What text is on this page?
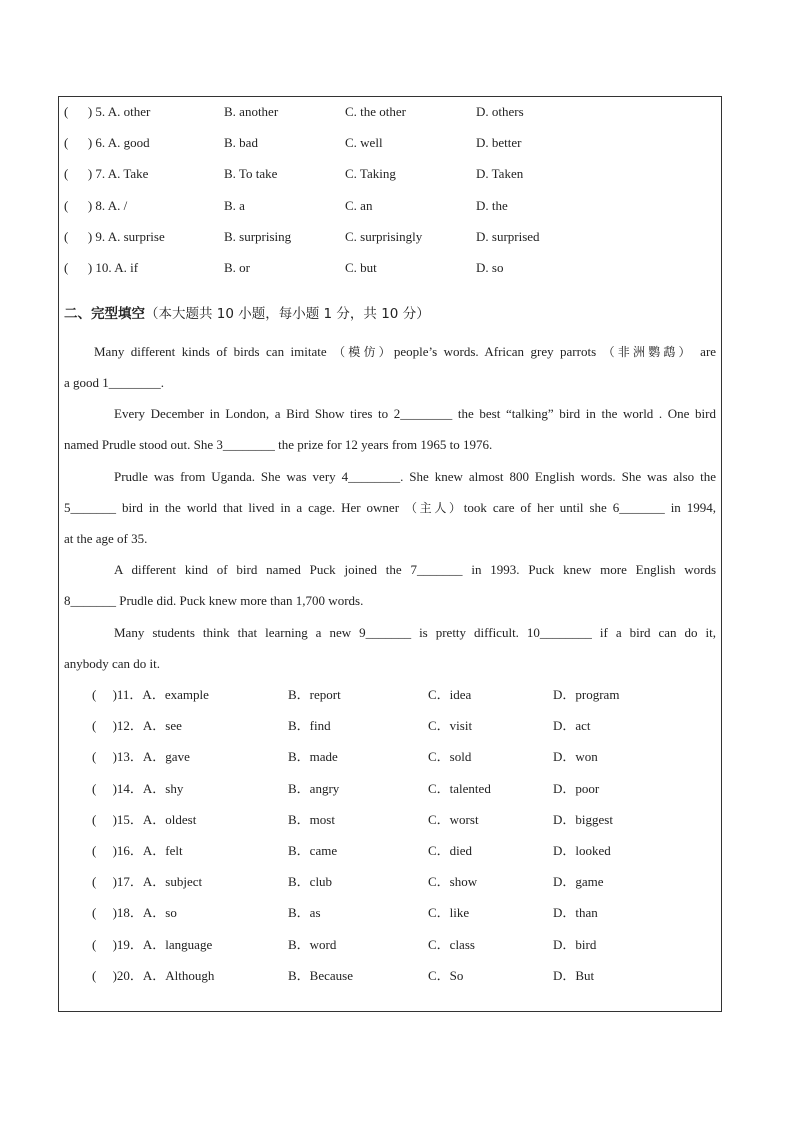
(      ) 5. A. other	B. another	C. the other	D. others
(      ) 6. A. good	B. bad	C. well	D. better
(      ) 7. A. Take	B. To take	C. Taking	D. Taken
(      ) 8. A. /	B. a	C. an	D. the
(      ) 9. A. surprise	B. surprising	C. surprisingly	D. surprised
(      ) 10. A. if	B. or	C. but	D. so
二、完型填空（本大题共 10 小题，每小题 1 分，共 10 分）
Many different kinds of birds can imitate （模仿）people’s words. African grey parrots （非洲鹦鹉） are
a good 1________.
Every December in London, a Bird Show tires to 2________ the best “talking” bird in the world . One bird
named Prudle stood out. She 3________ the prize for 12 years from 1965 to 1976.
Prudle was from Uganda. She was very 4________. She knew almost 800 English words. She was also the
5_______ bird in the world that lived in a cage. Her owner （主人）took care of her until she 6_______ in 1994,
at the age of 35.
A different kind of bird named Puck joined the 7_______ in 1993. Puck knew more English words
8_______ Prudle did. Puck knew more than 1,700 words.
Many students think that learning a new 9_______ is pretty difficult. 10________ if a bird can do it,
anybody can do it.
(     )11．A．example	B．report	C．idea	D．program
(     )12．A．see	B．find	C．visit	D．act
(     )13．A．gave	B．made	C．sold	D．won
(     )14．A．shy	B．angry	C．talented	D．poor
(     )15．A．oldest	B．most	C．worst	D．biggest
(     )16．A．felt	B．came	C．died	D．looked
(     )17．A．subject	B．club	C．show	D．game
(     )18．A．so	B．as	C．like	D．than
(     )19．A．language	B．word	C．class	D．bird
(     )20．A．Although	B．Because	C．So	D．But
